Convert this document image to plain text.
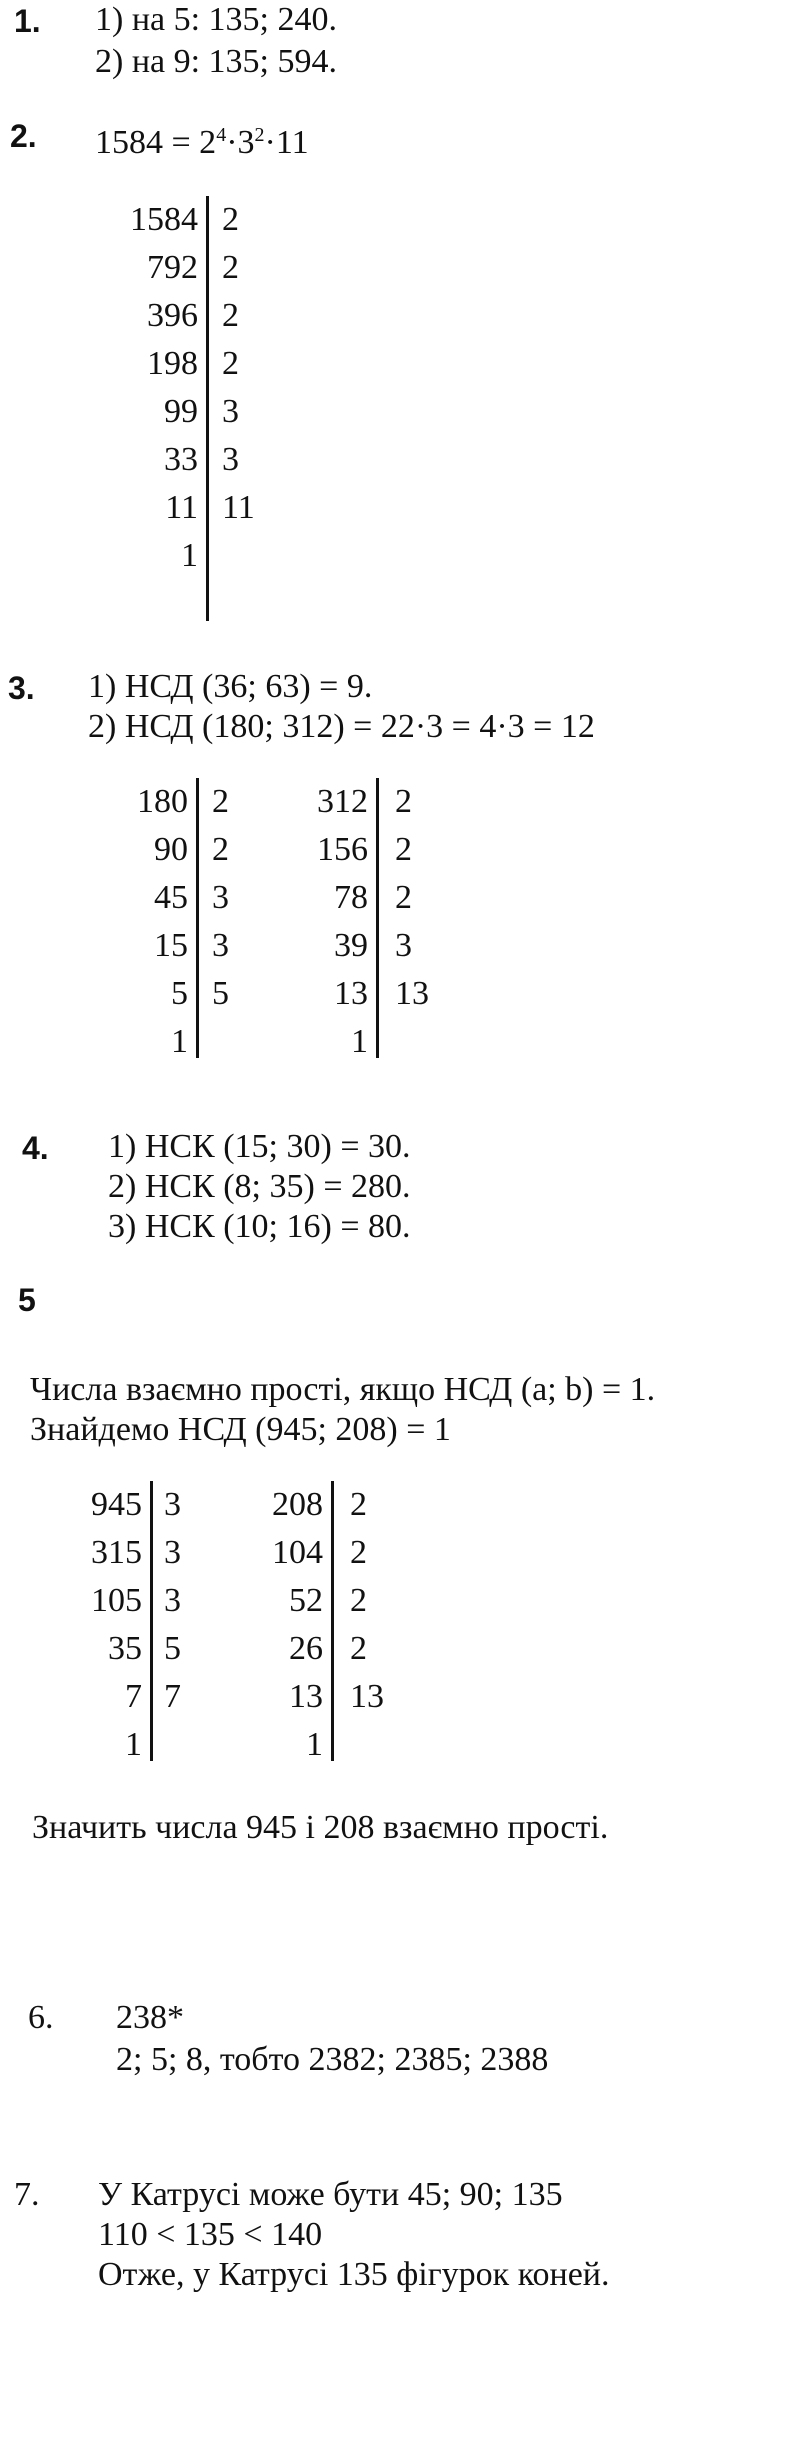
1. 1) на 5: 135; 240.
2) на 9: 135; 594.
2. $1584 = 2^4\cdot 3^2\cdot 11$
1584 2
792 2
396 2
198 2
99 3
33 3
11 11
1
3. 1) НСД (36; 63) = 9.
2) НСД (180; 312) = 22·3 = 4·3 = 12
180 2
90 2
45 3
15 3
5 5
1
312 2
156 2
78 2
39 3
13 13
1
4. 1) НСК (15; 30) = 30.
2) НСК (8; 35) = 280.
3) НСК (10; 16) = 80.
5
Числа взаємно прості, якщо НСД (a; b) = 1.
Знайдемо НСД (945; 208) = 1
945 3
315 3
105 3
35 5
7 7
1
208 2
104 2
52 2
26 2
13 13
1
Значить числа 945 і 208 взаємно прості.
6. 238*
2; 5; 8, тобто 2382; 2385; 2388
7. У Катрусі може бути 45; 90; 135
110 < 135 < 140
Отже, у Катрусі 135 фігурок коней.
